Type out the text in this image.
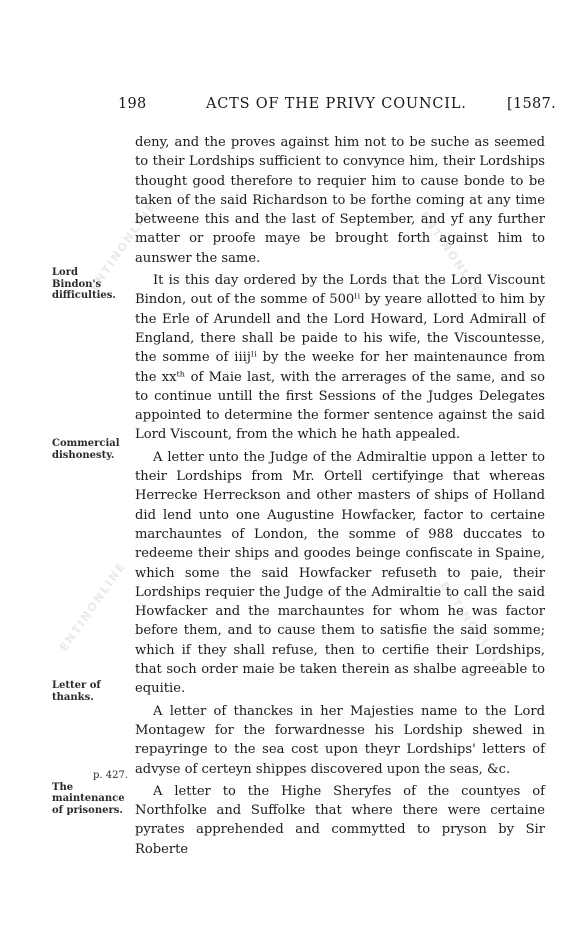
198	ACTS OF THE PRIVY COUNCIL.	[1587.
ENTINONLINE	ENTINONLINE
ENTINONLINE	ENTINONLINE

deny, and the proves against him not to be suche as seemed to their Lordships sufficient to convynce him, their Lordships thought good therefore to requier him to cause bonde to be taken of the said Richardson to be forthe coming at any time betweene this and the last of September, and yf any further matter or proofe maye be brought forth against him to aunswer the same.

It is this day ordered by the Lords that the Lord Viscount Bindon, out of the somme of 500ˡⁱ by yeare allotted to him by the Erle of Arundell and the Lord Howard, Lord Admirall of England, there shall be paide to his wife, the Viscountesse, the somme of iiijˡⁱ by the weeke for her maintenaunce from the xxᵗʰ of Maie last, with the arrerages of the same, and so to continue untill the first Sessions of the Judges Delegates appointed to determine the former sentence against the said Lord Viscount, from the which he hath appealed.

A letter unto the Judge of the Admiraltie uppon a letter to their Lordships from Mr. Ortell certifyinge that whereas Herrecke Herreckson and other masters of ships of Holland did lend unto one Augustine Howfacker, factor to certaine marchauntes of London, the somme of 988 duccates to redeeme their ships and goodes beinge confiscate in Spaine, which some the said Howfacker refuseth to paie, their Lordships requier the Judge of the Admiraltie to call the said Howfacker and the marchauntes for whom he was factor before them, and to cause them to satisfie the said somme; which if they shall refuse, then to certifie their Lordships, that soch order maie be taken therein as shalbe agreeable to equitie.

A letter of thanckes in her Majesties name to the Lord Montagew for the forwardnesse his Lordship shewed in repayringe to the sea cost upon theyr Lordships' letters of advyse of certeyn shippes discovered upon the seas, &c.

A letter to the Highe Sheryfes of the countyes of Northfolke and Suffolke that where there were certaine pyrates apprehended and commytted to pryson by Sir Roberte

Lord Bindon's difficulties.
Commercial dishonesty.
Letter of thanks.
p. 427.
The maintenance of prisoners.
